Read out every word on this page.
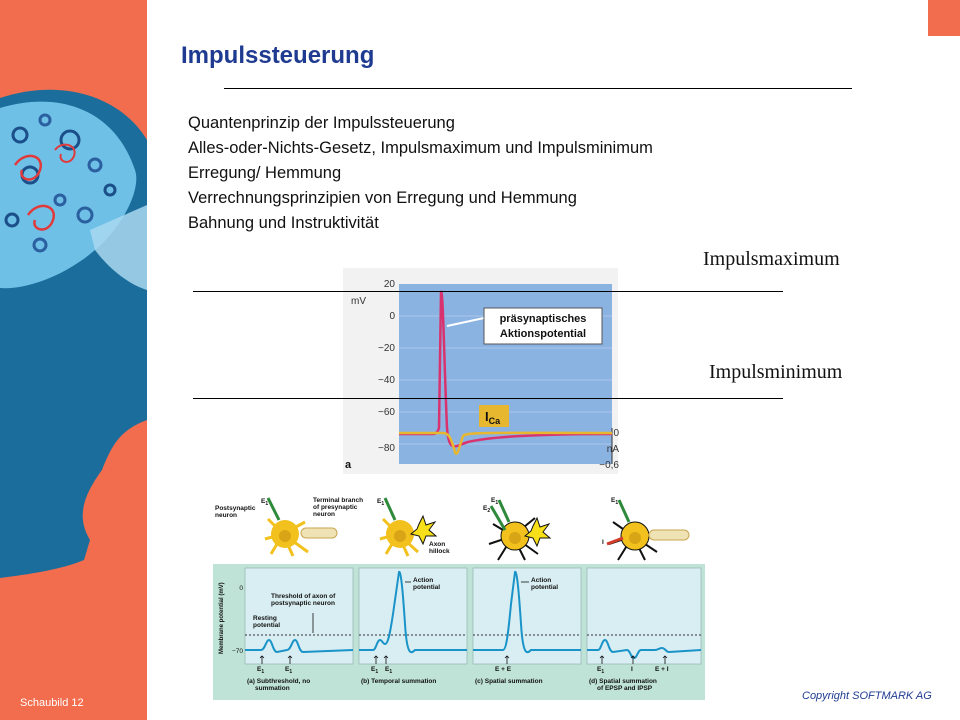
Impulssteuerung
Quantenprinzip der Impulssteuerung
Alles-oder-Nichts-Gesetz, Impulsmaximum und Impulsminimum
Erregung/ Hemmung
Verrechnungsprinzipien von Erregung und Hemmung
Bahnung und Instruktivität
mV
20
0
−20
−40
−60
−80
0
nA
−0,6
präsynaptisches
Aktionspotential
$I_{Ca}$
a
Impulsmaximum
Impulsminimum
$E_1$	Terminal branch of presynaptic neuron
Postsynaptic neuron
$E_1$
Axon hillock
$E_1$
$E_2$
$E_1$
I
Membrane potential (mV) 0
−70
Threshold of axon of postsynaptic neuron
Resting potential
$E_1$	$E_1$
(a) Subthreshold, no summation
Action potential
$E_1$ $E_1$
(b) Temporal summation
Action potential
E + E
(c) Spatial summation
$E_1$	I	E + I
(d) Spatial summation of EPSP and IPSP
Schaubild 12
Copyright SOFTMARK AG
